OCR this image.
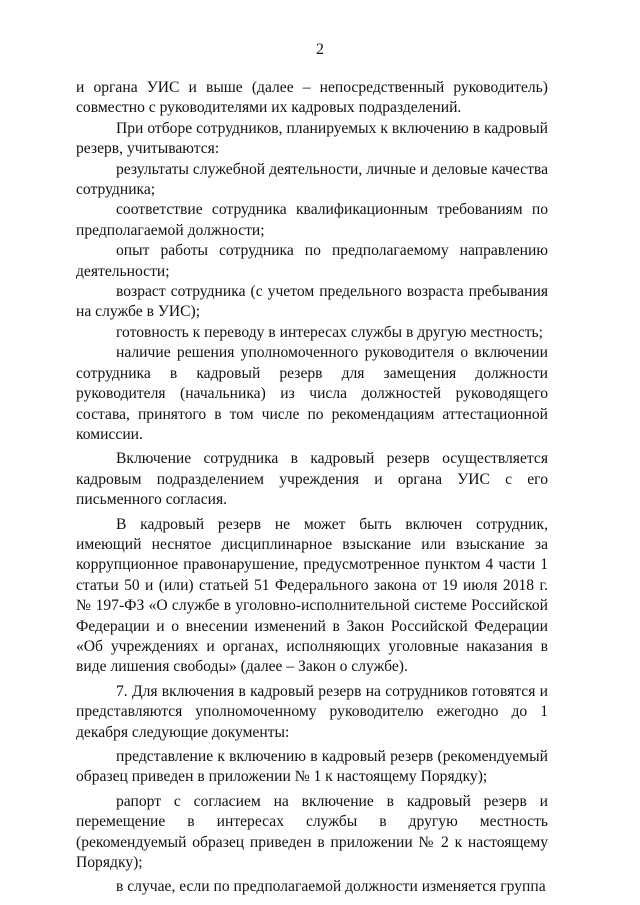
2

и органа УИС и выше (далее – непосредственный руководитель) совместно с руководителями их кадровых подразделений.

При отборе сотрудников, планируемых к включению в кадровый резерв, учитываются:

результаты служебной деятельности, личные и деловые качества сотрудника;

соответствие сотрудника квалификационным требованиям по предполагаемой должности;

опыт работы сотрудника по предполагаемому направлению деятельности;

возраст сотрудника (с учетом предельного возраста пребывания на службе в УИС);

готовность к переводу в интересах службы в другую местность;

наличие решения уполномоченного руководителя о включении сотрудника в кадровый резерв для замещения должности руководителя (начальника) из числа должностей руководящего состава, принятого в том числе по рекомендациям аттестационной комиссии.

Включение сотрудника в кадровый резерв осуществляется кадровым подразделением учреждения и органа УИС с его письменного согласия.

В кадровый резерв не может быть включен сотрудник, имеющий неснятое дисциплинарное взыскание или взыскание за коррупционное правонарушение, предусмотренное пунктом 4 части 1 статьи 50 и (или) статьей 51 Федерального закона от 19 июля 2018 г. № 197-ФЗ «О службе в уголовно-исполнительной системе Российской Федерации и о внесении изменений в Закон Российской Федерации «Об учреждениях и органах, исполняющих уголовные наказания в виде лишения свободы» (далее – Закон о службе).

7. Для включения в кадровый резерв на сотрудников готовятся и представляются уполномоченному руководителю ежегодно до 1 декабря следующие документы:

представление к включению в кадровый резерв (рекомендуемый образец приведен в приложении № 1 к настоящему Порядку);

рапорт с согласием на включение в кадровый резерв и перемещение в интересах службы в другую местность (рекомендуемый образец приведен в приложении № 2 к настоящему Порядку);

в случае, если по предполагаемой должности изменяется группа
